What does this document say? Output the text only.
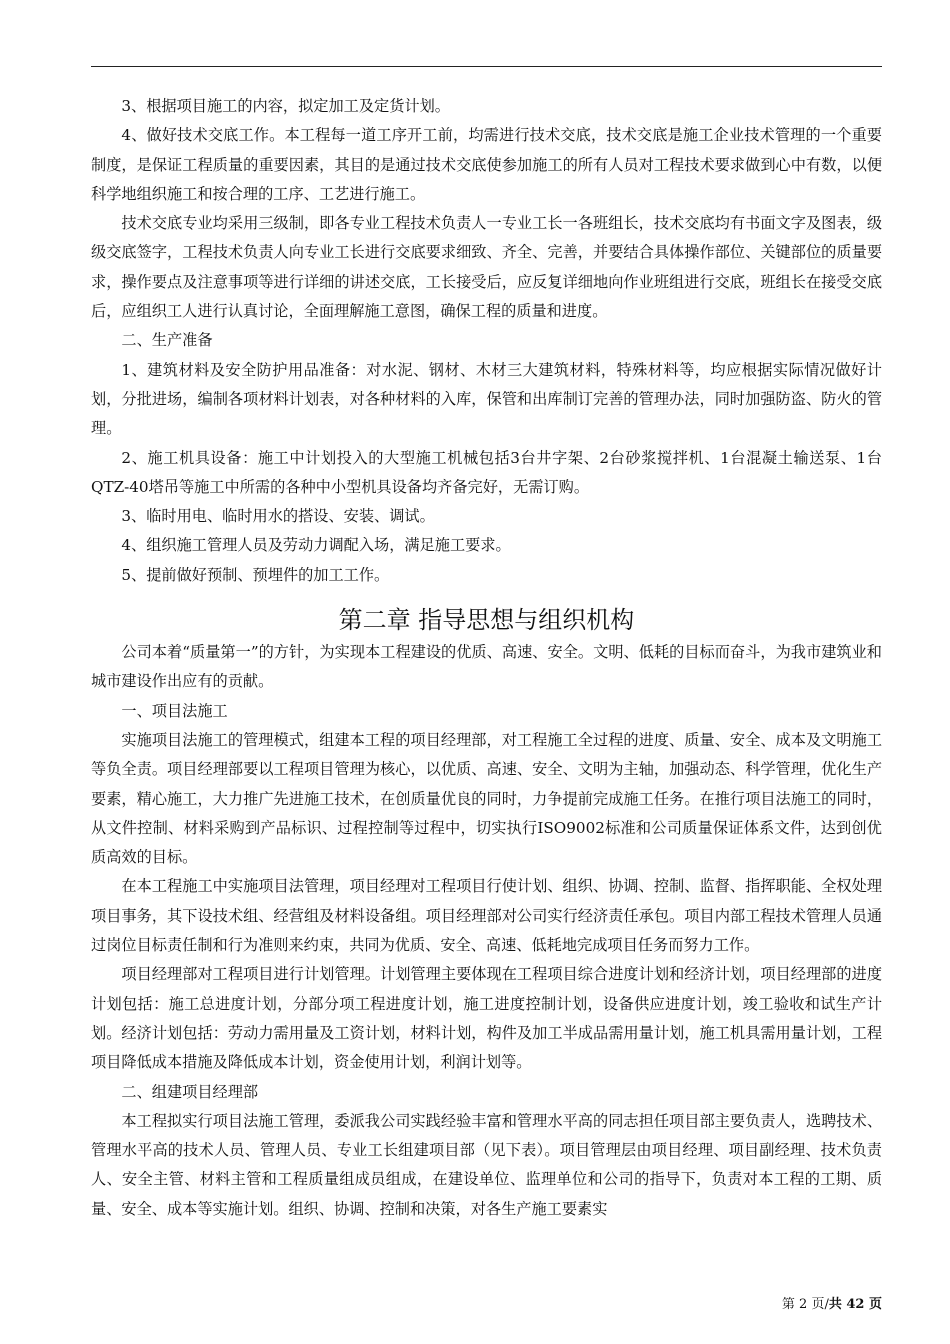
3、根据项目施工的内容，拟定加工及定货计划。

4、做好技术交底工作。本工程每一道工序开工前，均需进行技术交底，技术交底是施工企业技术管理的一个重要制度，是保证工程质量的重要因素，其目的是通过技术交底使参加施工的所有人员对工程技术要求做到心中有数，以便科学地组织施工和按合理的工序、工艺进行施工。

技术交底专业均采用三级制，即各专业工程技术负责人一专业工长一各班组长，技术交底均有书面文字及图表，级级交底签字，工程技术负责人向专业工长进行交底要求细致、齐全、完善，并要结合具体操作部位、关键部位的质量要求，操作要点及注意事项等进行详细的讲述交底，工长接受后，应反复详细地向作业班组进行交底，班组长在接受交底后，应组织工人进行认真讨论，全面理解施工意图，确保工程的质量和进度。

二、生产准备

1、建筑材料及安全防护用品准备：对水泥、钢材、木材三大建筑材料，特殊材料等，均应根据实际情况做好计划，分批进场，编制各项材料计划表，对各种材料的入库，保管和出库制订完善的管理办法，同时加强防盗、防火的管理。

2、施工机具设备：施工中计划投入的大型施工机械包括3台井字架、2台砂浆搅拌机、1台混凝土输送泵、1台QTZ-40塔吊等施工中所需的各种中小型机具设备均齐备完好，无需订购。

3、临时用电、临时用水的搭设、安装、调试。

4、组织施工管理人员及劳动力调配入场，满足施工要求。

5、提前做好预制、预埋件的加工工作。

第二章 指导思想与组织机构

公司本着“质量第一”的方针，为实现本工程建设的优质、高速、安全。文明、低耗的目标而奋斗，为我市建筑业和城市建设作出应有的贡献。

一、项目法施工

实施项目法施工的管理模式，组建本工程的项目经理部，对工程施工全过程的进度、质量、安全、成本及文明施工等负全责。项目经理部要以工程项目管理为核心，以优质、高速、安全、文明为主轴，加强动态、科学管理，优化生产要素，精心施工，大力推广先进施工技术，在创质量优良的同时，力争提前完成施工任务。在推行项目法施工的同时，从文件控制、材料采购到产品标识、过程控制等过程中，切实执行ISO9002标准和公司质量保证体系文件，达到创优质高效的目标。

在本工程施工中实施项目法管理，项目经理对工程项目行使计划、组织、协调、控制、监督、指挥职能、全权处理项目事务，其下设技术组、经营组及材料设备组。项目经理部对公司实行经济责任承包。项目内部工程技术管理人员通过岗位目标责任制和行为准则来约束，共同为优质、安全、高速、低耗地完成项目任务而努力工作。

项目经理部对工程项目进行计划管理。计划管理主要体现在工程项目综合进度计划和经济计划，项目经理部的进度计划包括：施工总进度计划，分部分项工程进度计划，施工进度控制计划，设备供应进度计划，竣工验收和试生产计划。经济计划包括：劳动力需用量及工资计划，材料计划，构件及加工半成品需用量计划，施工机具需用量计划，工程项目降低成本措施及降低成本计划，资金使用计划，利润计划等。

二、组建项目经理部

本工程拟实行项目法施工管理，委派我公司实践经验丰富和管理水平高的同志担任项目部主要负责人，选聘技术、管理水平高的技术人员、管理人员、专业工长组建项目部（见下表）。项目管理层由项目经理、项目副经理、技术负责人、安全主管、材料主管和工程质量组成员组成，在建设单位、监理单位和公司的指导下，负责对本工程的工期、质量、安全、成本等实施计划。组织、协调、控制和决策，对各生产施工要素实

第 2 页/共 42 页
